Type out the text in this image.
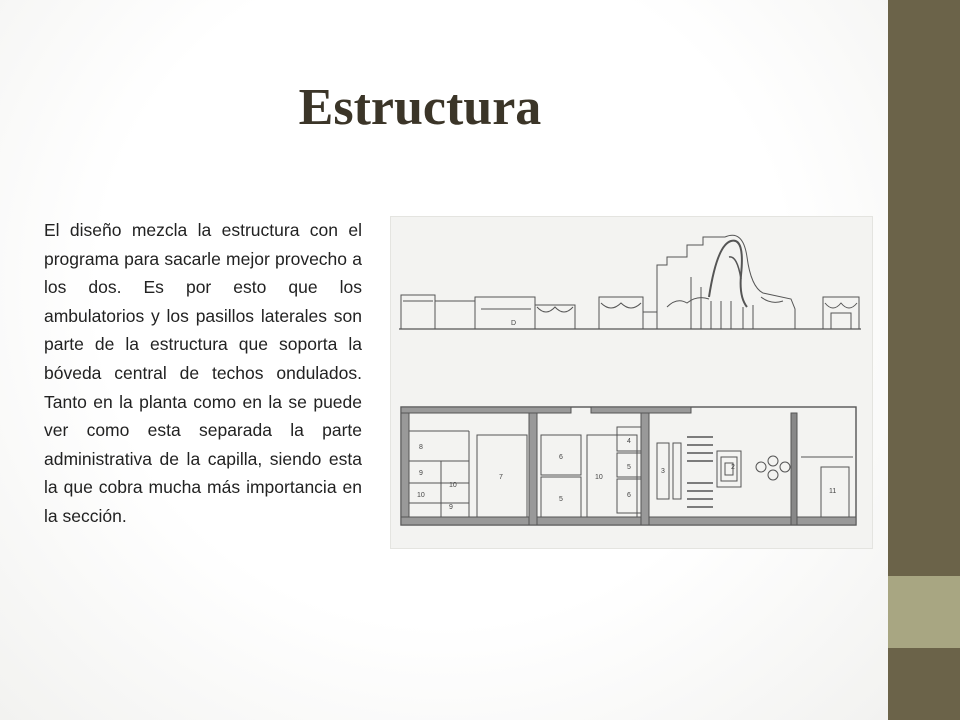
Estructura

El diseño mezcla la estructura con el programa para sacarle mejor provecho a los dos. Es por esto que los ambulatorios y los pasillos laterales son parte de la estructura que soporta la bóveda central de techos ondulados. Tanto en la planta como en la se puede ver como esta separada la parte administrativa de la capilla, siendo esta la que cobra mucha más importancia en la sección.

8
9
10
7
6
5
4
5
6
3
2
11
10
9
10
D
